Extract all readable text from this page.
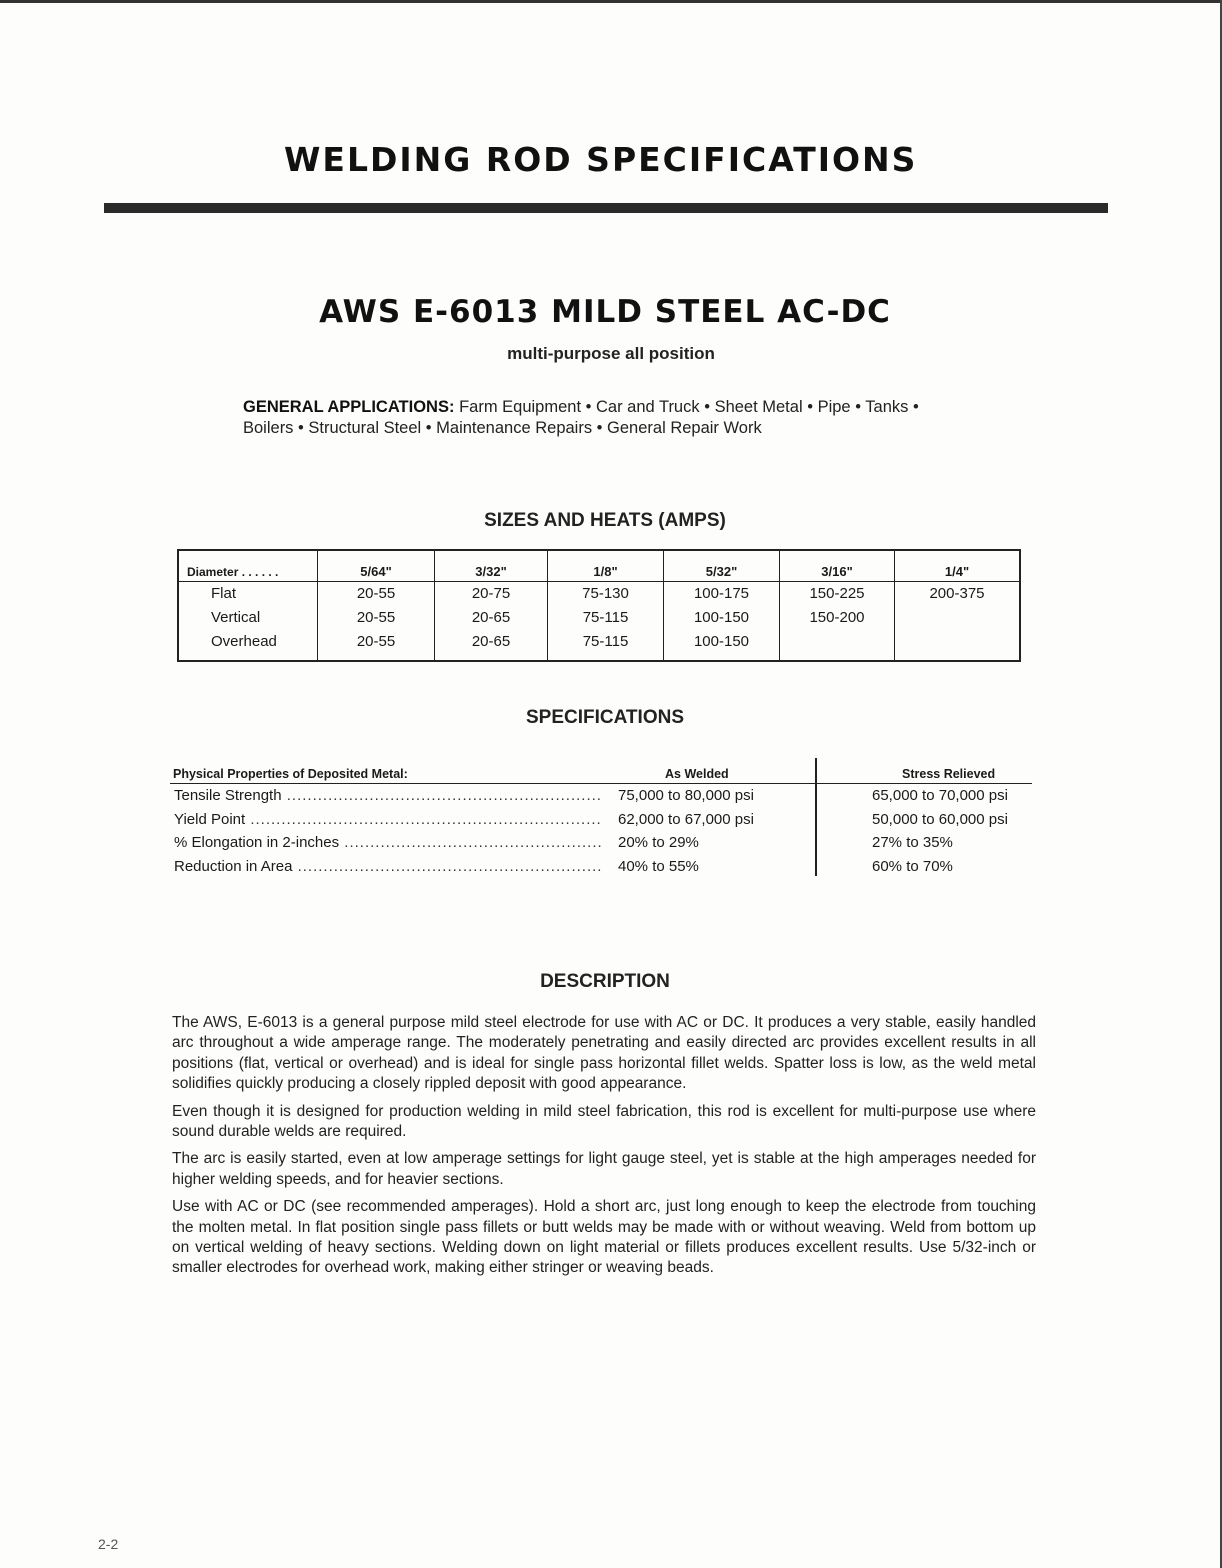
WELDING ROD SPECIFICATIONS
AWS E-6013 MILD STEEL AC-DC
multi-purpose all position
GENERAL APPLICATIONS: Farm Equipment • Car and Truck • Sheet Metal • Pipe • Tanks • Boilers • Structural Steel • Maintenance Repairs • General Repair Work
SIZES AND HEATS (AMPS)
Diameter . . . . . .	5/64"	3/32"	1/8"	5/32"	3/16"	1/4"
Flat	20-55	20-75	75-130	100-175	150-225	200-375
Vertical	20-55	20-65	75-115	100-150	150-200	
Overhead	20-55	20-65	75-115	100-150		
SPECIFICATIONS
Physical Properties of Deposited Metal:	As Welded	Stress Relieved
Tensile Strength .....	75,000 to 80,000 psi	65,000 to 70,000 psi
Yield Point .....	62,000 to 67,000 psi	50,000 to 60,000 psi
% Elongation in 2-inches .....	20% to 29%	27% to 35%
Reduction in Area .....	40% to 55%	60% to 70%
DESCRIPTION

The AWS, E-6013 is a general purpose mild steel electrode for use with AC or DC. It produces a very stable, easily handled arc throughout a wide amperage range. The moderately penetrating and easily directed arc provides excellent results in all positions (flat, vertical or overhead) and is ideal for single pass horizontal fillet welds. Spatter loss is low, as the weld metal solidifies quickly producing a closely rippled deposit with good appearance.

Even though it is designed for production welding in mild steel fabrication, this rod is excellent for multi-purpose use where sound durable welds are required.

The arc is easily started, even at low amperage settings for light gauge steel, yet is stable at the high amperages needed for higher welding speeds, and for heavier sections.

Use with AC or DC (see recommended amperages). Hold a short arc, just long enough to keep the electrode from touching the molten metal. In flat position single pass fillets or butt welds may be made with or without weaving. Weld from bottom up on vertical welding of heavy sections. Welding down on light material or fillets produces excellent results. Use 5/32-inch or smaller electrodes for overhead work, making either stringer or weaving beads.

2-2
